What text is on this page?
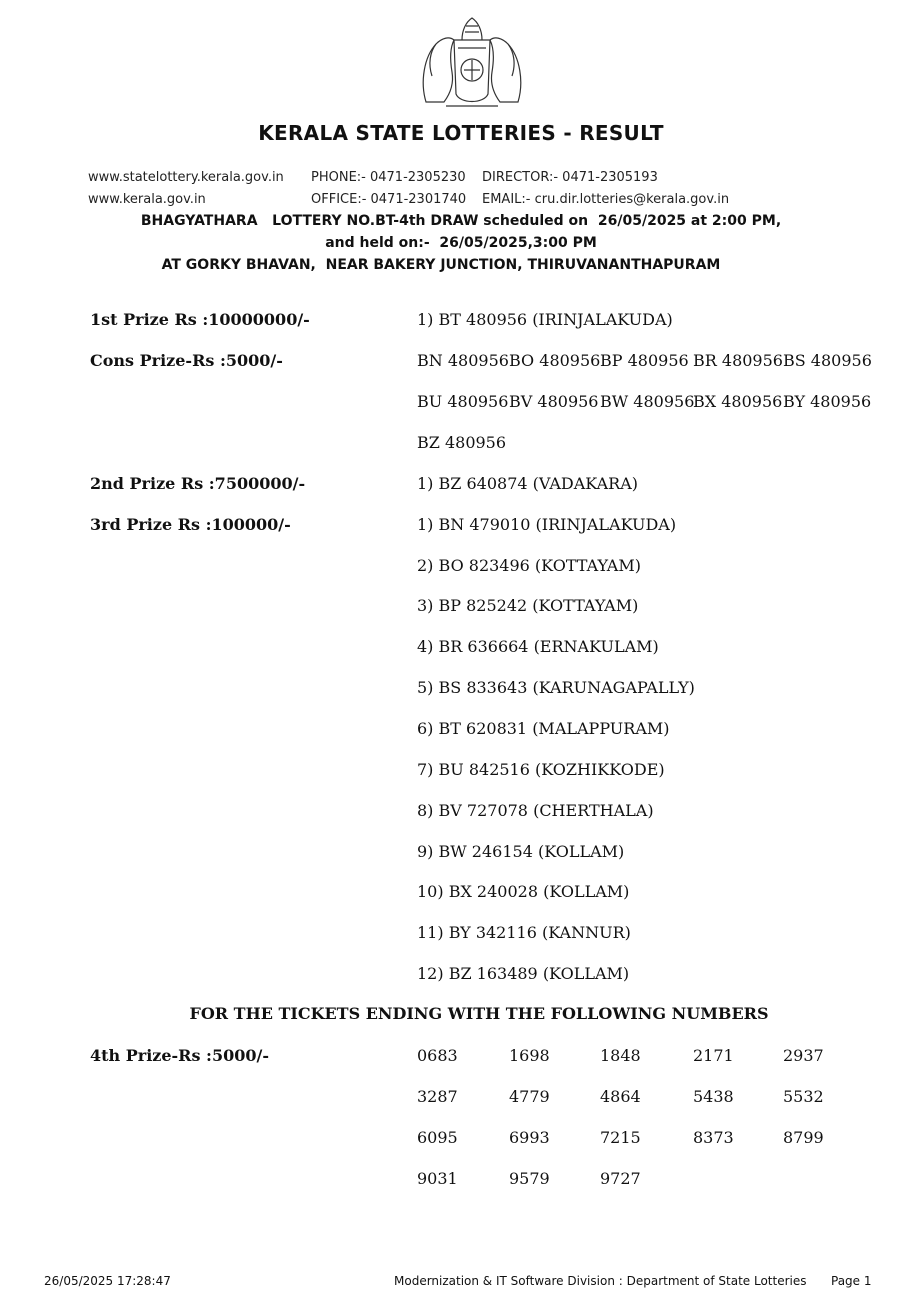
KERALA STATE LOTTERIES - RESULT
www.statelottery.kerala.gov.in
www.kerala.gov.in
PHONE:- 0471-2305230
OFFICE:- 0471-2301740
DIRECTOR:- 0471-2305193
EMAIL:- cru.dir.lotteries@kerala.gov.in
BHAGYATHARA   LOTTERY NO.BT-4th DRAW scheduled on  26/05/2025 at 2:00 PM,
and held on:-  26/05/2025,3:00 PM
AT GORKY BHAVAN,  NEAR BAKERY JUNCTION, THIRUVANANTHAPURAM
1st Prize Rs :10000000/-	1) BT 480956 (IRINJALAKUDA)
Cons Prize-Rs :5000/-	BN 480956 BO 480956 BP 480956 BR 480956 BS 480956
BU 480956 BV 480956 BW 480956
BX 480956 BY 480956
BZ 480956
2nd Prize Rs :7500000/-	1) BZ 640874 (VADAKARA)
3rd Prize Rs :100000/-	1) BN 479010 (IRINJALAKUDA)
2) BO 823496 (KOTTAYAM)
3) BP 825242 (KOTTAYAM)
4) BR 636664 (ERNAKULAM)
5) BS 833643 (KARUNAGAPALLY)
6) BT 620831 (MALAPPURAM)
7) BU 842516 (KOZHIKKODE)
8) BV 727078 (CHERTHALA)
9) BW 246154 (KOLLAM)
10) BX 240028 (KOLLAM)
11) BY 342116 (KANNUR)
12) BZ 163489 (KOLLAM)
FOR THE TICKETS ENDING WITH THE FOLLOWING NUMBERS
4th Prize-Rs :5000/-	0683	1698	1848	2171	2937
3287	4779	4864	5438	5532
6095	6993	7215	8373	8799
9031	9579	9727
26/05/2025 17:28:47	Modernization & IT Software Division : Department of State Lotteries Page 1
